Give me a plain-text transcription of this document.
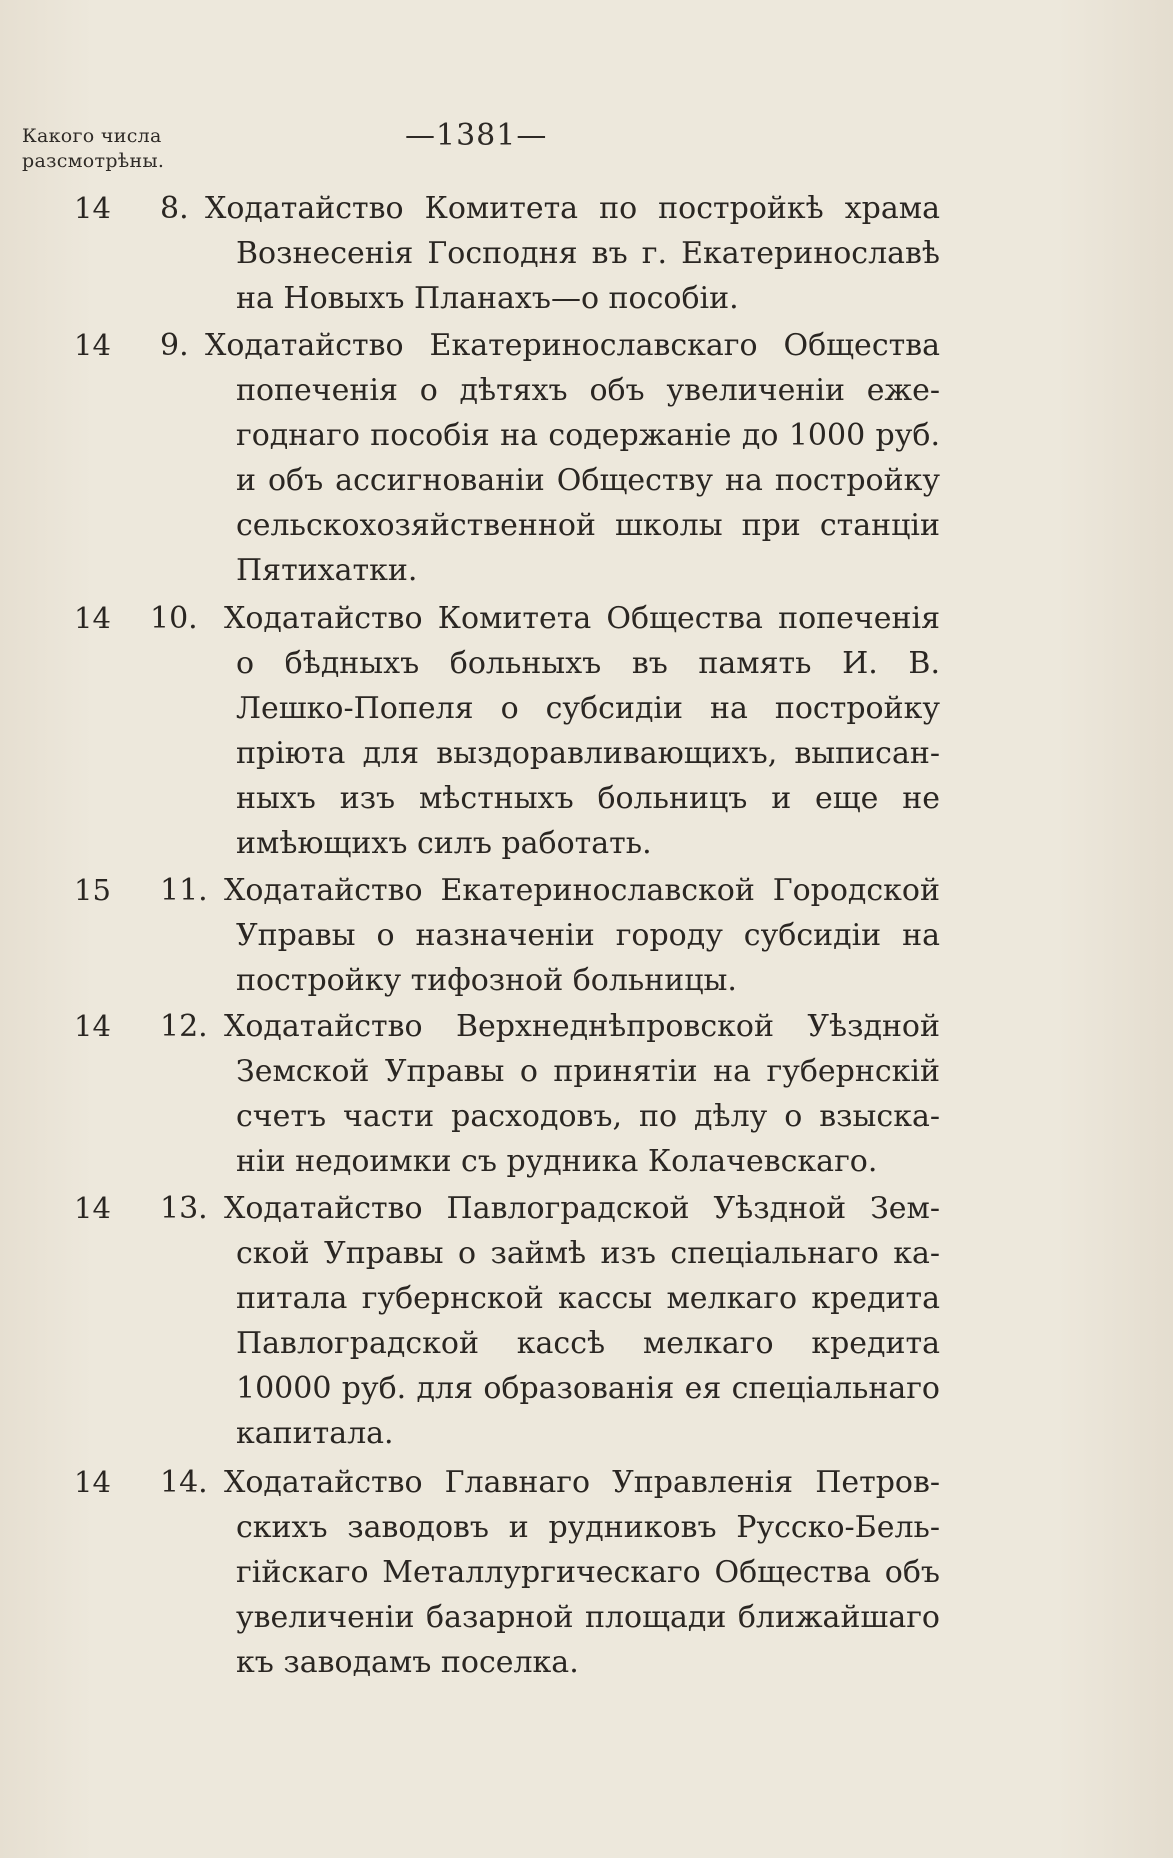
Какого числа
разсмотрѣны.
—1381—
14 8. Ходатайство Комитета по постройкѣ храма
Вознесенія Господня въ г. Екатеринославѣ
на Новыхъ Планахъ—о пособіи.
14 9. Ходатайство Екатеринославскаго Общества
попеченія о дѣтяхъ объ увеличеніи еже-
годнаго пособія на содержаніе до 1000 руб.
и объ ассигнованіи Обществу на постройку
сельскохозяйственной школы при станціи
Пятихатки.
14 10. Ходатайство Комитета Общества попеченія
о бѣдныхъ больныхъ въ память И. В.
Лешко-Попеля о субсидіи на постройку
пріюта для выздоравливающихъ, выписан-
ныхъ изъ мѣстныхъ больницъ и еще не
имѣющихъ силъ работать.
15 11. Ходатайство Екатеринославской Городской
Управы о назначеніи городу субсидіи на
постройку тифозной больницы.
14 12. Ходатайство Верхнеднѣпровской Уѣздной
Земской Управы о принятіи на губернскій
счетъ части расходовъ, по дѣлу о взыска-
ніи недоимки съ рудника Колачевскаго.
14 13. Ходатайство Павлоградской Уѣздной Зем-
ской Управы о займѣ изъ спеціальнаго ка-
питала губернской кассы мелкаго кредита
Павлоградской кассѣ мелкаго кредита
10000 руб. для образованія ея спеціальнаго
капитала.
14 14. Ходатайство Главнаго Управленія Петров-
скихъ заводовъ и рудниковъ Русско-Бель-
гійскаго Металлургическаго Общества объ
увеличеніи базарной площади ближайшаго
къ заводамъ поселка.
